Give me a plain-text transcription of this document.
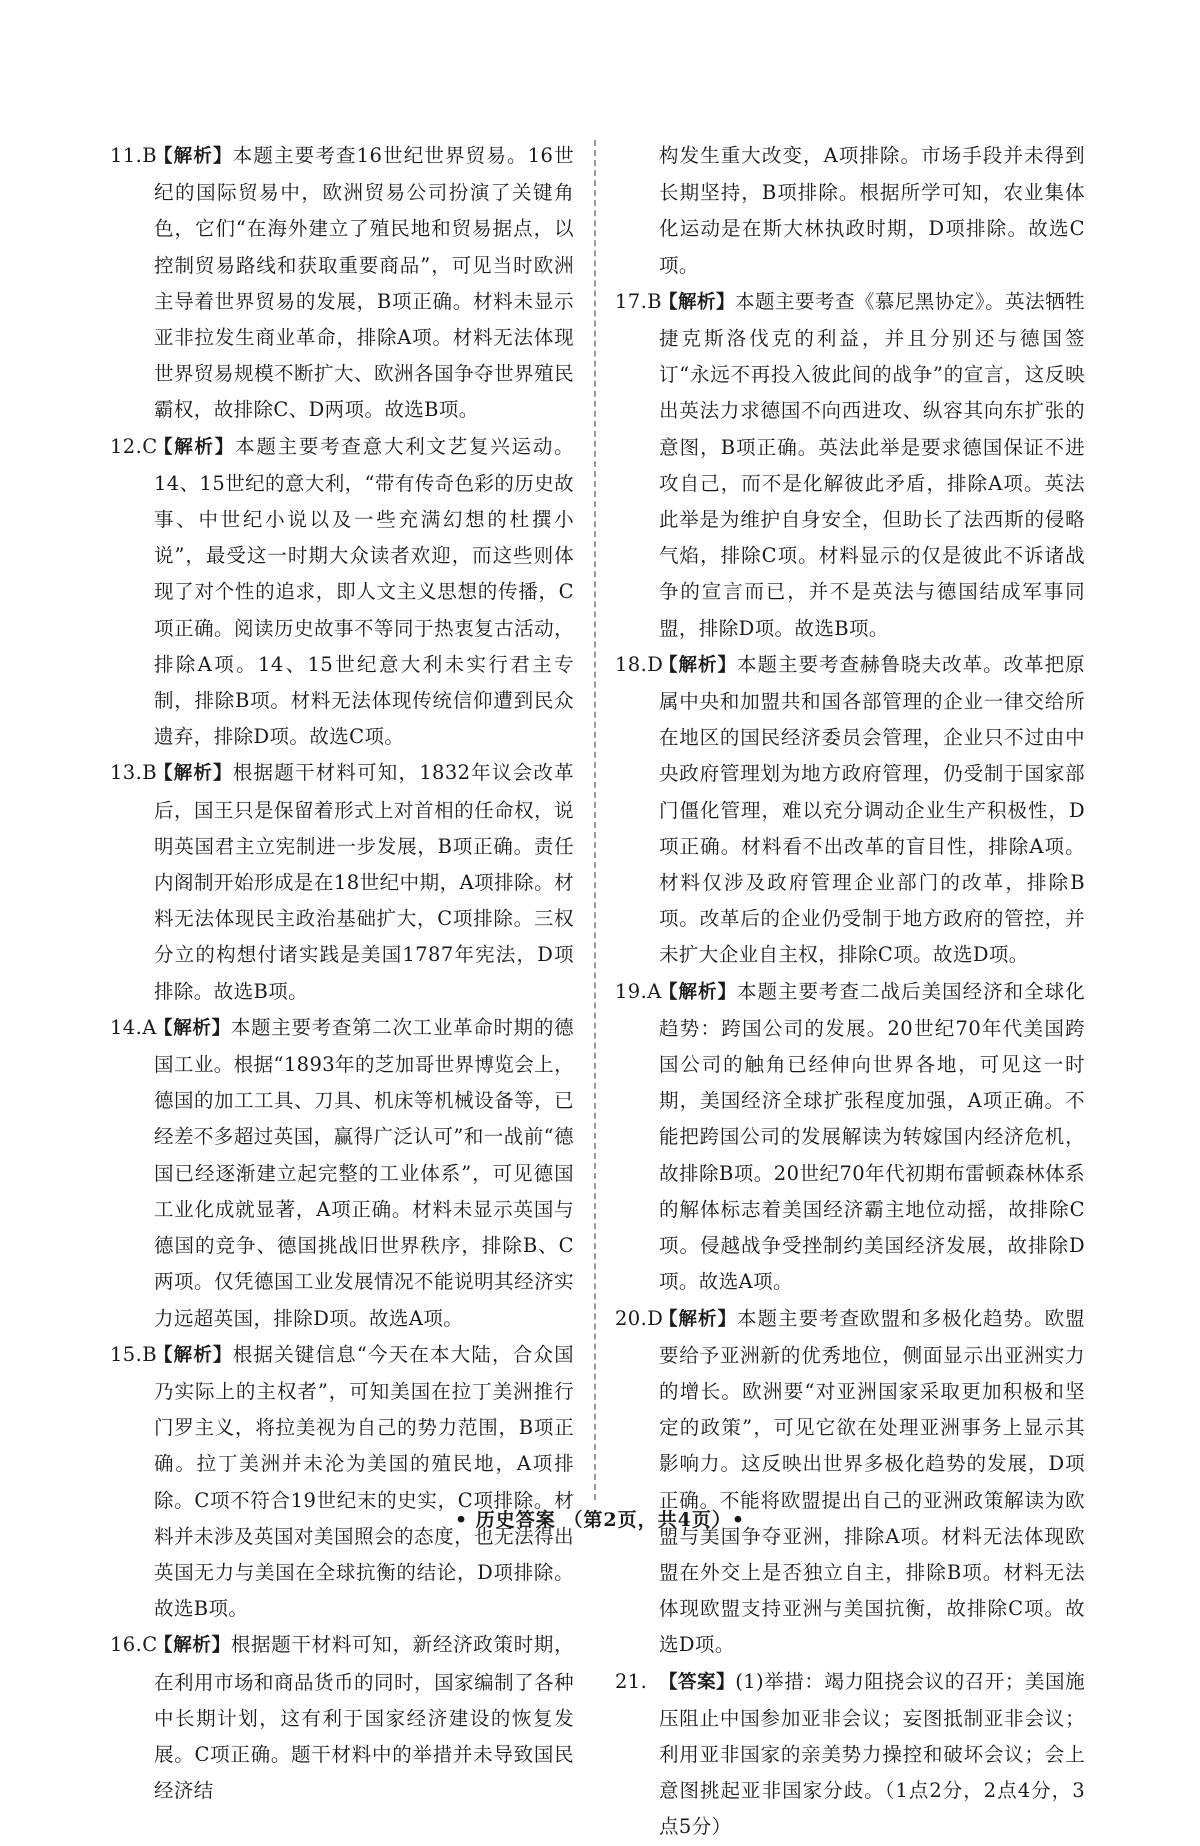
11.B
【解析】本题主要考查16世纪世界贸易。16世纪的国际贸易中，欧洲贸易公司扮演了关键角色，它们“在海外建立了殖民地和贸易据点，以控制贸易路线和获取重要商品”，可见当时欧洲主导着世界贸易的发展，B项正确。材料未显示亚非拉发生商业革命，排除A项。材料无法体现世界贸易规模不断扩大、欧洲各国争夺世界殖民霸权，故排除C、D两项。故选B项。

12.C
【解析】本题主要考查意大利文艺复兴运动。14、15世纪的意大利，“带有传奇色彩的历史故事、中世纪小说以及一些充满幻想的杜撰小说”，最受这一时期大众读者欢迎，而这些则体现了对个性的追求，即人文主义思想的传播，C项正确。阅读历史故事不等同于热衷复古活动，排除A项。14、15世纪意大利未实行君主专制，排除B项。材料无法体现传统信仰遭到民众遗弃，排除D项。故选C项。

13.B
【解析】根据题干材料可知，1832年议会改革后，国王只是保留着形式上对首相的任命权，说明英国君主立宪制进一步发展，B项正确。责任内阁制开始形成是在18世纪中期，A项排除。材料无法体现民主政治基础扩大，C项排除。三权分立的构想付诸实践是美国1787年宪法，D项排除。故选B项。

14.A
【解析】本题主要考查第二次工业革命时期的德国工业。根据“1893年的芝加哥世界博览会上，德国的加工工具、刀具、机床等机械设备等，已经差不多超过英国，赢得广泛认可”和一战前“德国已经逐渐建立起完整的工业体系”，可见德国工业化成就显著，A项正确。材料未显示英国与德国的竞争、德国挑战旧世界秩序，排除B、C两项。仅凭德国工业发展情况不能说明其经济实力远超英国，排除D项。故选A项。

15.B
【解析】根据关键信息“今天在本大陆，合众国乃实际上的主权者”，可知美国在拉丁美洲推行门罗主义，将拉美视为自己的势力范围，B项正确。拉丁美洲并未沦为美国的殖民地，A项排除。C项不符合19世纪末的史实，C项排除。材料并未涉及英国对美国照会的态度，也无法得出英国无力与美国在全球抗衡的结论，D项排除。故选B项。

16.C
【解析】根据题干材料可知，新经济政策时期，在利用市场和商品货币的同时，国家编制了各种中长期计划，这有利于国家经济建设的恢复发展。C项正确。题干材料中的举措并未导致国民经济结

构发生重大改变，A项排除。市场手段并未得到长期坚持，B项排除。根据所学可知，农业集体化运动是在斯大林执政时期，D项排除。故选C项。

17.B
【解析】本题主要考查《慕尼黑协定》。英法牺牲捷克斯洛伐克的利益，并且分别还与德国签订“永远不再投入彼此间的战争”的宣言，这反映出英法力求德国不向西进攻、纵容其向东扩张的意图，B项正确。英法此举是要求德国保证不进攻自己，而不是化解彼此矛盾，排除A项。英法此举是为维护自身安全，但助长了法西斯的侵略气焰，排除C项。材料显示的仅是彼此不诉诸战争的宣言而已，并不是英法与德国结成军事同盟，排除D项。故选B项。

18.D
【解析】本题主要考查赫鲁晓夫改革。改革把原属中央和加盟共和国各部管理的企业一律交给所在地区的国民经济委员会管理，企业只不过由中央政府管理划为地方政府管理，仍受制于国家部门僵化管理，难以充分调动企业生产积极性，D项正确。材料看不出改革的盲目性，排除A项。材料仅涉及政府管理企业部门的改革，排除B项。改革后的企业仍受制于地方政府的管控，并未扩大企业自主权，排除C项。故选D项。

19.A
【解析】本题主要考查二战后美国经济和全球化趋势：跨国公司的发展。20世纪70年代美国跨国公司的触角已经伸向世界各地，可见这一时期，美国经济全球扩张程度加强，A项正确。不能把跨国公司的发展解读为转嫁国内经济危机，故排除B项。20世纪70年代初期布雷顿森林体系的解体标志着美国经济霸主地位动摇，故排除C项。侵越战争受挫制约美国经济发展，故排除D项。故选A项。

20.D
【解析】本题主要考查欧盟和多极化趋势。欧盟要给予亚洲新的优秀地位，侧面显示出亚洲实力的增长。欧洲要“对亚洲国家采取更加积极和坚定的政策”，可见它欲在处理亚洲事务上显示其影响力。这反映出世界多极化趋势的发展，D项正确。不能将欧盟提出自己的亚洲政策解读为欧盟与美国争夺亚洲，排除A项。材料无法体现欧盟在外交上是否独立自主，排除B项。材料无法体现欧盟支持亚洲与美国抗衡，故排除C项。故选D项。

21. 【答案】(1)举措：竭力阻挠会议的召开；美国施压阻止中国参加亚非会议；妄图抵制亚非会议；利用亚非国家的亲美势力操控和破坏会议；会上意图挑起亚非国家分歧。（1点2分，2点4分，3点5分）

• 历史答案 （第2页，共4页）•
